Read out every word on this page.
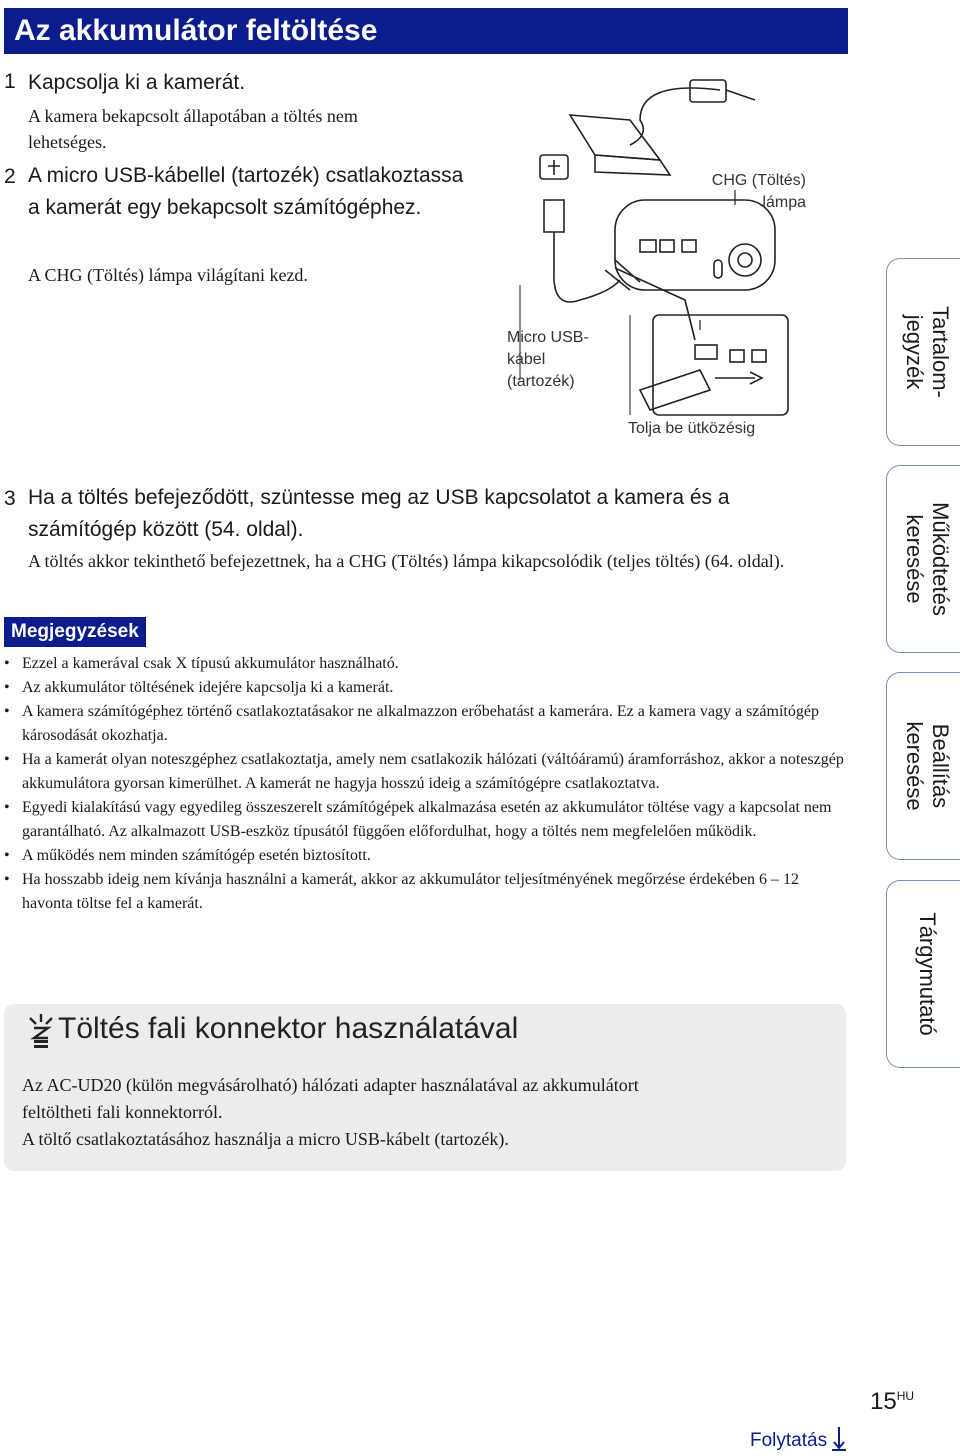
Az akkumulátor feltöltése
1 Kapcsolja ki a kamerát.
A kamera bekapcsolt állapotában a töltés nem lehetséges.
2 A micro USB-kábellel (tartozék) csatlakoztassa a kamerát egy bekapcsolt számítógéphez.
A CHG (Töltés) lámpa világítani kezd.
CHG (Töltés)
lámpa
Micro USB-
kábel
(tartozék)
Tolja be ütközésig
3 Ha a töltés befejeződött, szüntesse meg az USB kapcsolatot a kamera és a számítógép között (54. oldal).
A töltés akkor tekinthető befejezettnek, ha a CHG (Töltés) lámpa kikapcsolódik (teljes töltés) (64. oldal).
Megjegyzések
• Ezzel a kamerával csak X típusú akkumulátor használható.
• Az akkumulátor töltésének idejére kapcsolja ki a kamerát.
• A kamera számítógéphez történő csatlakoztatásakor ne alkalmazzon erőbehatást a kamerára. Ez a kamera vagy a számítógép károsodását okozhatja.
• Ha a kamerát olyan noteszgéphez csatlakoztatja, amely nem csatlakozik hálózati (váltóáramú) áramforráshoz, akkor a noteszgép akkumulátora gyorsan kimerülhet. A kamerát ne hagyja hosszú ideig a számítógépre csatlakoztatva.
• Egyedi kialakítású vagy egyedileg összeszerelt számítógépek alkalmazása esetén az akkumulátor töltése vagy a kapcsolat nem garantálható. Az alkalmazott USB-eszköz típusától függően előfordulhat, hogy a töltés nem megfelelően működik.
• A működés nem minden számítógép esetén biztosított.
• Ha hosszabb ideig nem kívánja használni a kamerát, akkor az akkumulátor teljesítményének megőrzése érdekében 6 – 12 havonta töltse fel a kamerát.
Töltés fali konnektor használatával

Az AC-UD20 (külön megvásárolható) hálózati adapter használatával az akkumulátort

feltöltheti fali konnektorról.

A töltő csatlakoztatásához használja a micro USB-kábelt (tartozék).

Tartalom-
jegyzék
Működtetés
keresése
Beállítás
keresése
Tárgymutató
$15^{HU}$
Folytatás
